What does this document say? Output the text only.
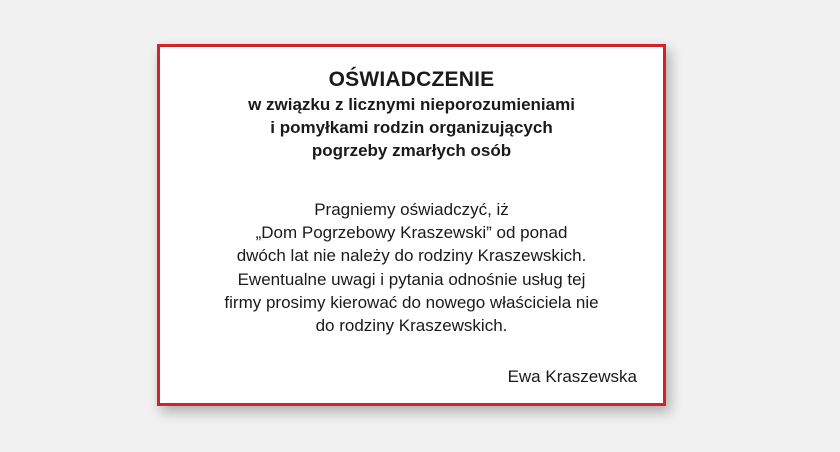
OŚWIADCZENIE
w związku z licznymi nieporozumieniami
i pomyłkami rodzin organizujących
pogrzeby zmarłych osób
Pragniemy oświadczyć, iż
„Dom Pogrzebowy Kraszewski” od ponad
dwóch lat nie należy do rodziny Kraszewskich.
Ewentualne uwagi i pytania odnośnie usług tej
firmy prosimy kierować do nowego właściciela nie
do rodziny Kraszewskich.
Ewa Kraszewska
